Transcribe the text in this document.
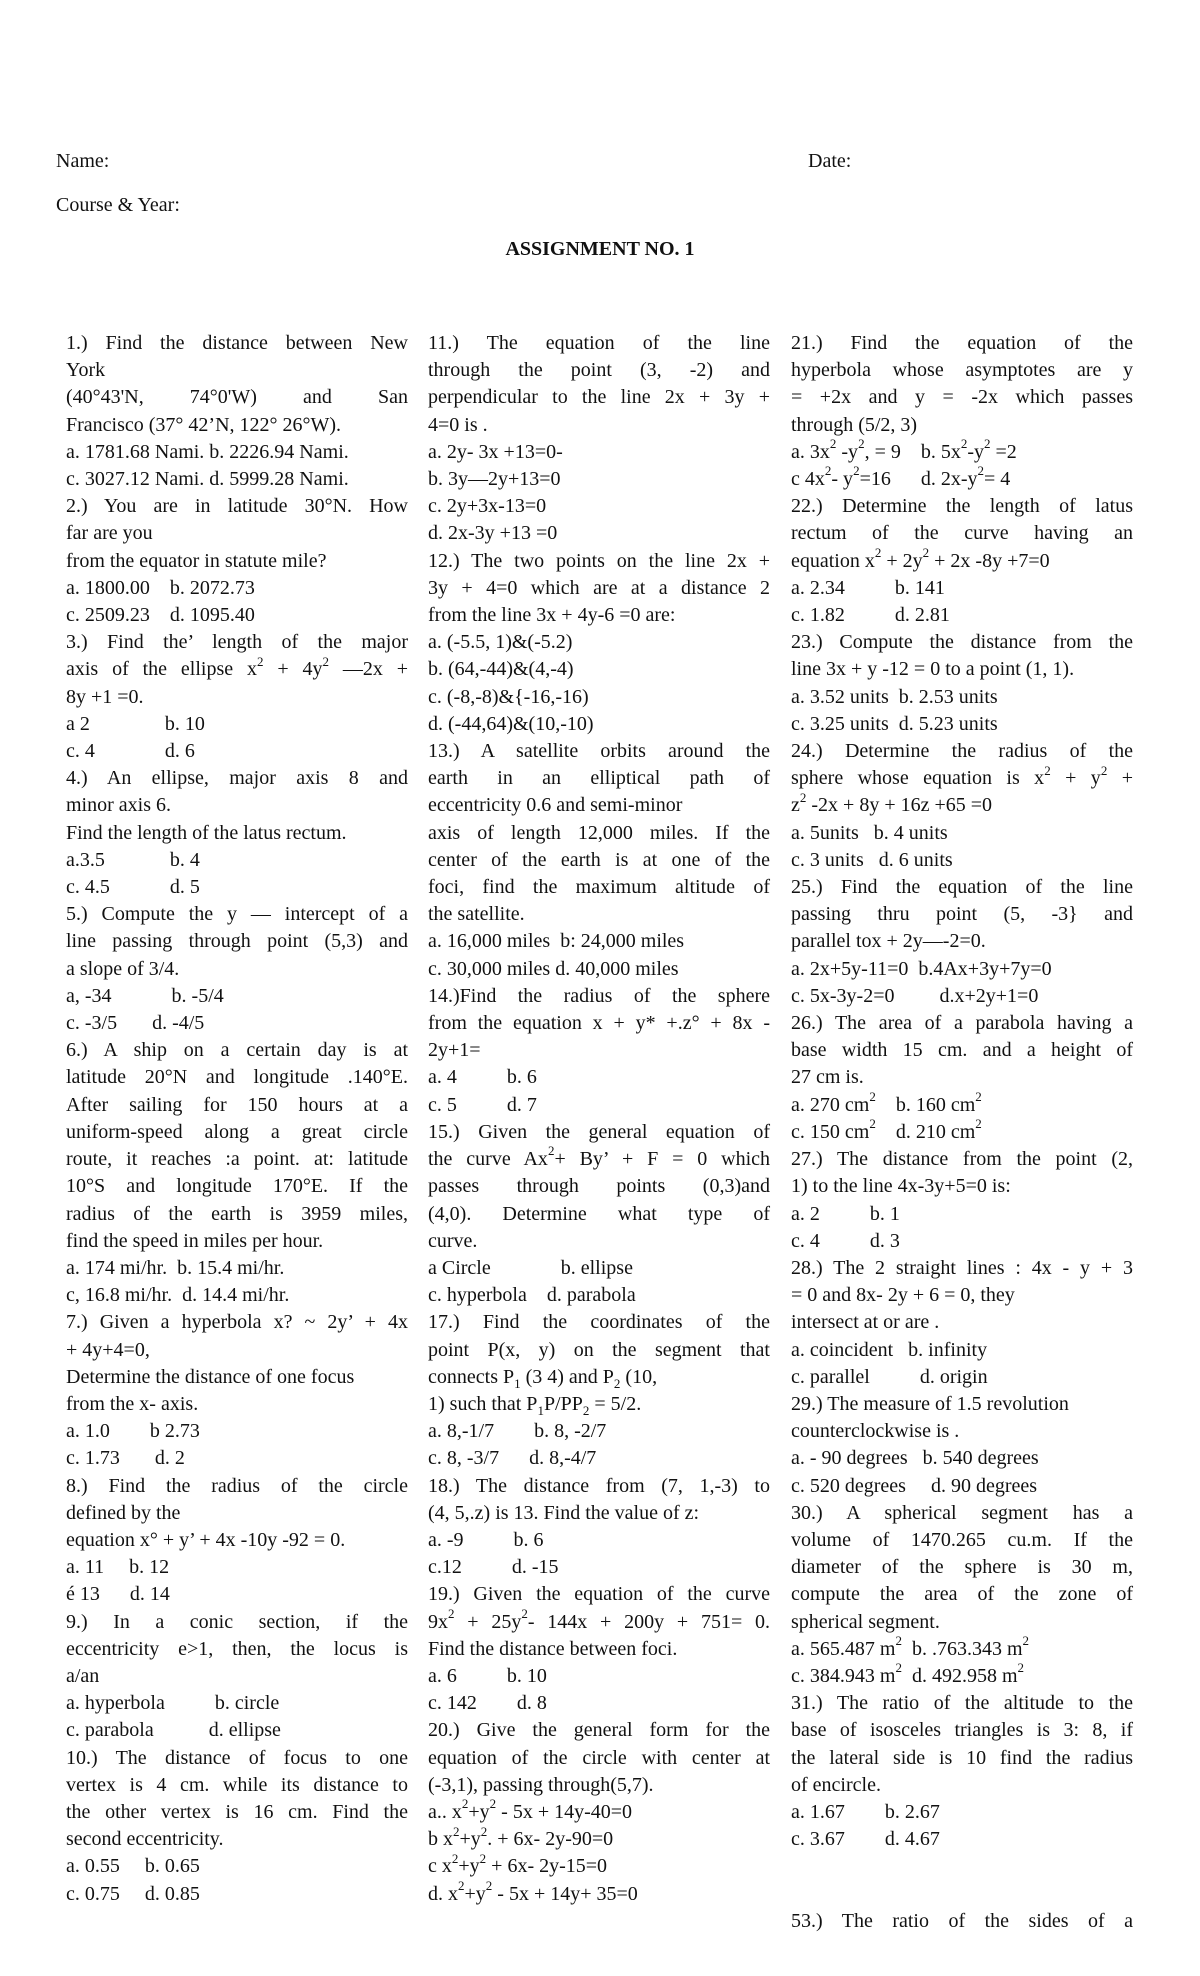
Name:	Date:
Course & Year:
ASSIGNMENT NO. 1
1.) Find the distance between New
York
(40°43'N, 74°0'W) and San
Francisco (37° 42’N, 122° 26°W).
a. 1781.68 Nami. b. 2226.94 Nami.
c. 3027.12 Nami. d. 5999.28 Nami.
2.) You are in latitude 30°N. How
far are you
from the equator in statute mile?
a. 1800.00    b. 2072.73
c. 2509.23    d. 1095.40
3.) Find the’ length of the major
axis of the ellipse $x^2 + 4y^2$ —2x +
8y +1 =0.
a 2               b. 10
c. 4              d. 6
4.) An ellipse, major axis 8 and
minor axis 6.
Find the length of the latus rectum.
a.3.5             b. 4
c. 4.5            d. 5
5.) Compute the y — intercept of a
line passing through point (5,3) and
a slope of 3/4.
a, -34            b. -5/4
c. -3/5       d. -4/5
6.) A ship on a certain day is at
latitude 20°N and longitude .140°E.
After sailing for 150 hours at a
uniform-speed along a great circle
route, it reaches :a point. at: latitude
10°S and longitude 170°E. If the
radius of the earth is 3959 miles,
find the speed in miles per hour.
a. 174 mi/hr.  b. 15.4 mi/hr.
c, 16.8 mi/hr.  d. 14.4 mi/hr.
7.) Given a hyperbola x? ~ 2y’ + 4x
+ 4y+4=0,
Determine the distance of one focus
from the x- axis.
a. 1.0        b 2.73
c. 1.73       d. 2
8.) Find the radius of the circle
defined by the
equation x° + y’ + 4x -10y -92 = 0.
a. 11     b. 12
é 13      d. 14
9.) In a conic section, if the
eccentricity e>1, then, the locus is
a/an
a. hyperbola          b. circle
c. parabola           d. ellipse
10.) The distance of focus to one
vertex is 4 cm. while its distance to
the other vertex is 16 cm. Find the
second eccentricity.
a. 0.55     b. 0.65
c. 0.75     d. 0.85
11.) The equation of the line
through the point (3, -2) and
perpendicular to the line 2x + 3y +
4=0 is .
a. 2y- 3x +13=0-
b. 3y—2y+13=0
c. 2y+3x-13=0
d. 2x-3y +13 =0
12.) The two points on the line 2x +
3y + 4=0 which are at a distance 2
from the line 3x + 4y-6 =0 are:
a. (-5.5, 1)&(-5.2)
b. (64,-44)&(4,-4)
c. (-8,-8)&{-16,-16)
d. (-44,64)&(10,-10)
13.) A satellite orbits around the
earth in an elliptical path of
eccentricity 0.6 and semi-minor
axis of length 12,000 miles. If the
center of the earth is at one of the
foci, find the maximum altitude of
the satellite.
a. 16,000 miles  b: 24,000 miles
c. 30,000 miles d. 40,000 miles
14.)Find the radius of the sphere
from the equation x + y* +.z° + 8x -
2y+1=
a. 4          b. 6
c. 5          d. 7
15.) Given the general equation of
the curve $Ax^2+ By$’ + F = 0 which
passes through points (0,3)and
(4,0). Determine what type of
curve.
a Circle              b. ellipse
c. hyperbola    d. parabola
17.) Find the coordinates of the
point P(x, y) on the segment that
connects $P_1$ (3 4) and $P_2$ (10,
1) such that $P_1P/PP_2 = 5/2$.
a. 8,-1/7        b. 8, -2/7
c. 8, -3/7      d. 8,-4/7
18.) The distance from (7, 1,-3) to
(4, 5,.z) is 13. Find the value of z:
a. -9          b. 6
c.12          d. -15
19.) Given the equation of the curve
$9x^2 + 25y^2-$ 144x + 200y + 751= 0.
Find the distance between foci.
a. 6          b. 10
c. 142        d. 8
20.) Give the general form for the
equation of the circle with center at
(-3,1), passing through(5,7).
a.. $x^2+y^2 - 5x + 14y-40=0$
b $x^2+y^2$. + 6x- 2y-90=0
c $x^2+y^2 + 6x-$ 2y-15=0
d. $x^2+y^2 - 5x + 14y+ 35=0$
21.) Find the equation of the
hyperbola whose asymptotes are y
= +2x and y = -2x which passes
through (5/2, 3)
a. $3x^2$ $-y^2$, = 9    b. $5x^2-y^2 =2$
c $4x^2-$ $y^2=16$      d. $2x-y^2= 4$
22.) Determine the length of latus
rectum of the curve having an
equation $x^2 + 2y^2 + 2x$ -8y +7=0
a. 2.34          b. 141
c. 1.82          d. 2.81
23.) Compute the distance from the
line 3x + y -12 = 0 to a point (1, 1).
a. 3.52 units  b. 2.53 units
c. 3.25 units  d. 5.23 units
24.) Determine the radius of the
sphere whose equation is $x^2 + y^2$ +
$z^2$ -2x + 8y + 16z +65 =0
a. 5units   b. 4 units
c. 3 units   d. 6 units
25.) Find the equation of the line
passing thru point (5, -3} and
parallel tox + 2y—-2=0.
a. 2x+5y-11=0  b.4Ax+3y+7y=0
c. 5x-3y-2=0         d.x+2y+1=0
26.) The area of a parabola having a
base width 15 cm. and a height of
27 cm is.
a. 270 $cm^2$    b. 160 $cm^2$
c. 150 $cm^2$    d. 210 $cm^2$
27.) The distance from the point (2,
1) to the line 4x-3y+5=0 is:
a. 2          b. 1
c. 4          d. 3
28.) The 2 straight lines : 4x - y + 3
= 0 and 8x- 2y + 6 = 0, they
intersect at or are .
a. coincident   b. infinity
c. parallel          d. origin
29.) The measure of 1.5 revolution
counterclockwise is .
a. - 90 degrees   b. 540 degrees
c. 520 degrees     d. 90 degrees
30.) A spherical segment has a
volume of 1470.265 cu.m. If the
diameter of the sphere is 30 m,
compute the area of the zone of
spherical segment.
a. 565.487 $m^2$  b. .763.343 $m^2$
c. 384.943 $m^2$  d. 492.958 $m^2$
31.) The ratio of the altitude to the
base of isosceles triangles is 3: 8, if
the lateral side is 10 find the radius
of encircle.
a. 1.67        b. 2.67
c. 3.67        d. 4.67

53.) The ratio of the sides of a
